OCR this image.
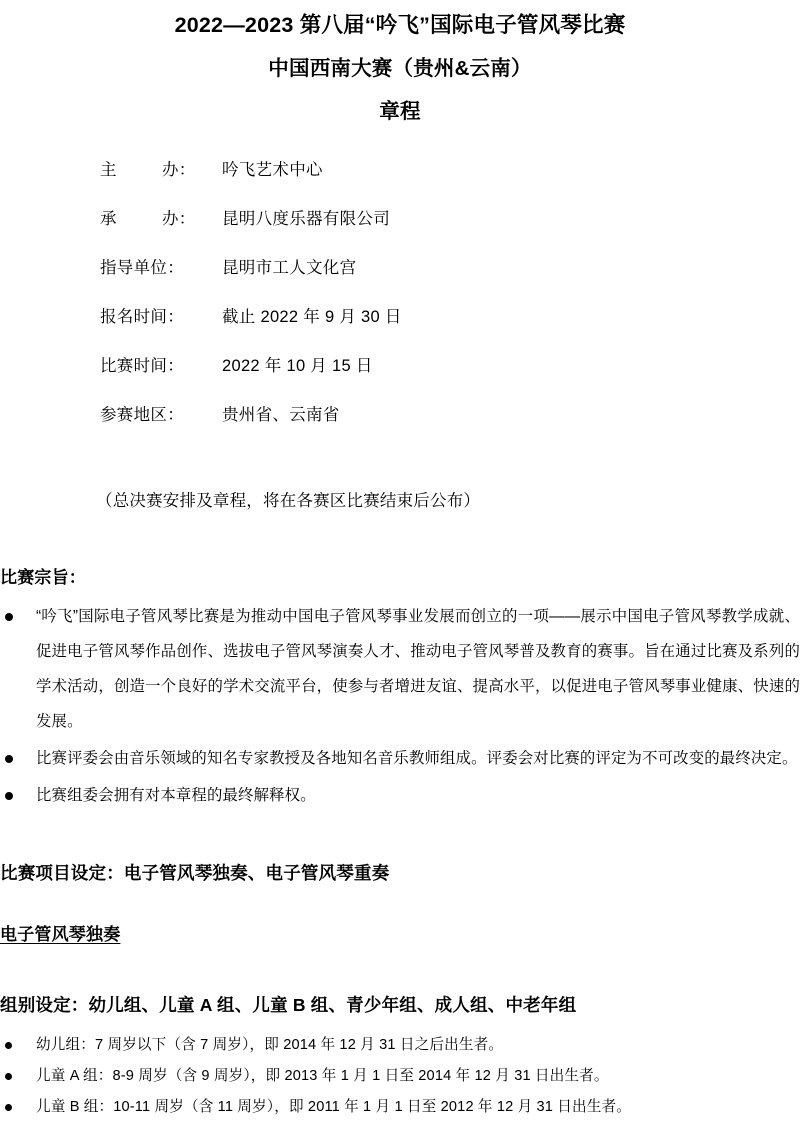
2022—2023 第八届“吟飞”国际电子管风琴比赛
中国西南大赛（贵州&云南）
章程
主	办：	吟飞艺术中心
承	办：	昆明八度乐器有限公司
指导单位：	昆明市工人文化宫
报名时间：	截止 2022 年 9 月 30 日
比赛时间：	2022 年 10 月 15 日
参赛地区：	贵州省、云南省
（总决赛安排及章程，将在各赛区比赛结束后公布）
比赛宗旨：
“吟飞”国际电子管风琴比赛是为推动中国电子管风琴事业发展而创立的一项——展示中国电子管风琴教学成就、促进电子管风琴作品创作、选拔电子管风琴演奏人才、推动电子管风琴普及教育的赛事。旨在通过比赛及系列的学术活动，创造一个良好的学术交流平台，使参与者增进友谊、提高水平，以促进电子管风琴事业健康、快速的发展。
比赛评委会由音乐领域的知名专家教授及各地知名音乐教师组成。评委会对比赛的评定为不可改变的最终决定。
比赛组委会拥有对本章程的最终解释权。
比赛项目设定：电子管风琴独奏、电子管风琴重奏
电子管风琴独奏
组别设定：幼儿组、儿童 A 组、儿童 B 组、青少年组、成人组、中老年组
幼儿组：7 周岁以下（含 7 周岁），即 2014 年 12 月 31 日之后出生者。
儿童 A 组：8-9 周岁（含 9 周岁），即 2013 年 1 月 1 日至 2014 年 12 月 31 日出生者。
儿童 B 组：10-11 周岁（含 11 周岁），即 2011 年 1 月 1 日至 2012 年 12 月 31 日出生者。
